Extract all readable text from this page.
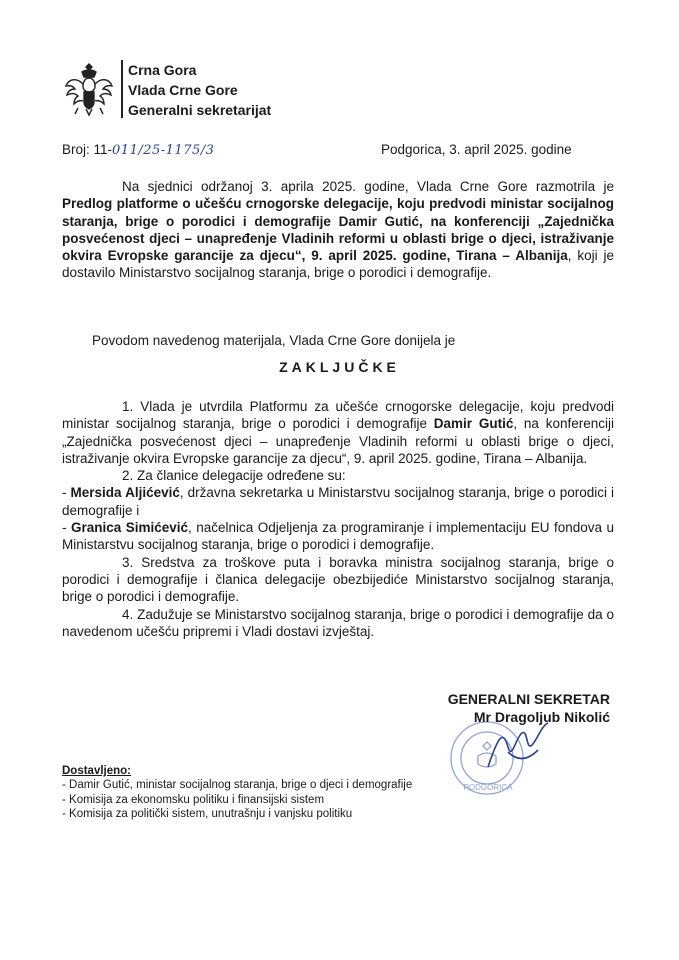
Crna Gora
Vlada Crne Gore
Generalni sekretarijat
Broj: 11-011/25-1175/3	Podgorica, 3. april 2025. godine
Na sjednici održanoj 3. aprila 2025. godine, Vlada Crne Gore razmotrila je Predlog platforme o učešću crnogorske delegacije, koju predvodi ministar socijalnog staranja, brige o porodici i demografije Damir Gutić, na konferenciji „Zajednička posvećenost djeci – unapređenje Vladinih reformi u oblasti brige o djeci, istraživanje okvira Evropske garancije za djecu“, 9. april 2025. godine, Tirana – Albanija, koji je dostavilo Ministarstvo socijalnog staranja, brige o porodici i demografije.
Povodom navedenog materijala, Vlada Crne Gore donijela je
ZAKLJUČKE

1. Vlada je utvrdila Platformu za učešće crnogorske delegacije, koju predvodi ministar socijalnog staranja, brige o porodici i demografije Damir Gutić, na konferenciji „Zajednička posvećenost djeci – unapređenje Vladinih reformi u oblasti brige o djeci, istraživanje okvira Evropske garancije za djecu“, 9. april 2025. godine, Tirana – Albanija.

2. Za članice delegacije određene su:

- Mersida Aljićević, državna sekretarka u Ministarstvu socijalnog staranja, brige o porodici i demografije i

- Granica Simićević, načelnica Odjeljenja za programiranje i implementaciju EU fondova u Ministarstvu socijalnog staranja, brige o porodici i demografije.

3. Sredstva za troškove puta i boravka ministra socijalnog staranja, brige o porodici i demografije i članica delegacije obezbijediće Ministarstvo socijalnog staranja, brige o porodici i demografije.

4. Zadužuje se Ministarstvo socijalnog staranja, brige o porodici i demografije da o navedenom učešću pripremi i Vladi dostavi izvještaj.

PODGORICA
GENERALNI SEKRETAR
Mr Dragoljub Nikolić
Dostavljeno:
- Damir Gutić, ministar socijalnog staranja, brige o djeci i demografije
- Komisija za ekonomsku politiku i finansijski sistem
- Komisija za politički sistem, unutrašnju i vanjsku politiku
